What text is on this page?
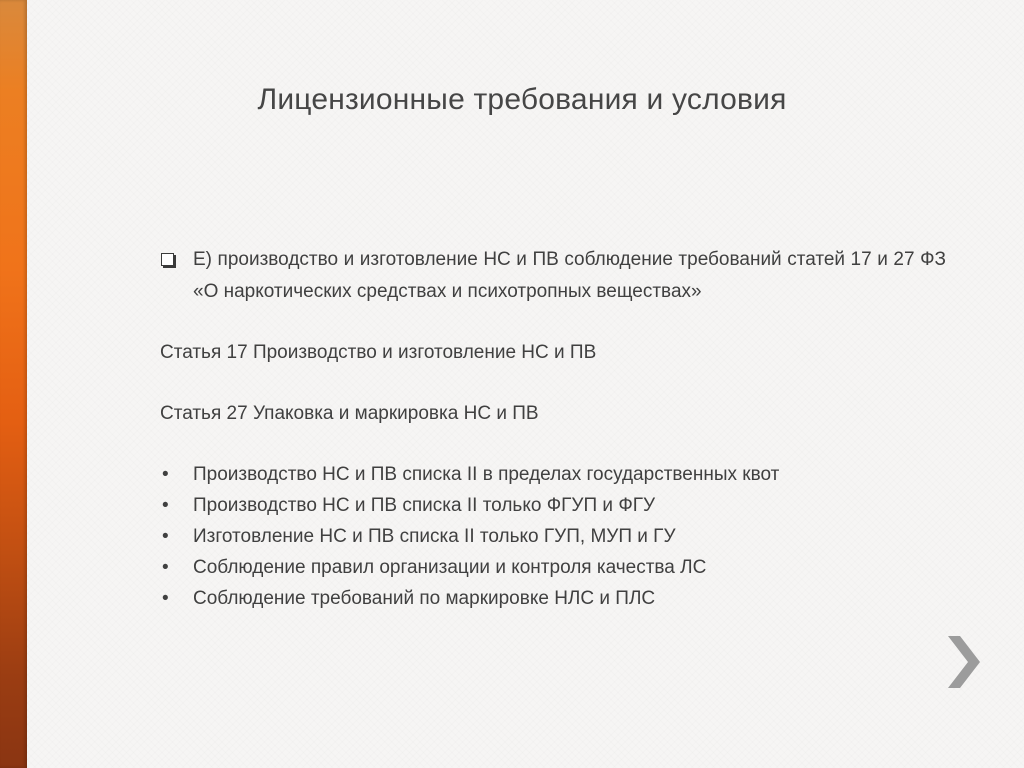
Лицензионные требования и условия
Е) производство и изготовление НС и ПВ соблюдение требований статей 17 и 27 ФЗ «О наркотических средствах и психотропных веществах»

Статья 17 Производство и изготовление НС и ПВ

Статья 27 Упаковка и маркировка НС и ПВ

• Производство НС и ПВ списка II в пределах государственных квот
• Производство НС и ПВ списка II только ФГУП и ФГУ
• Изготовление НС и ПВ списка II только ГУП, МУП и ГУ
• Соблюдение правил организации и контроля качества ЛС
• Соблюдение требований по маркировке НЛС и ПЛС
